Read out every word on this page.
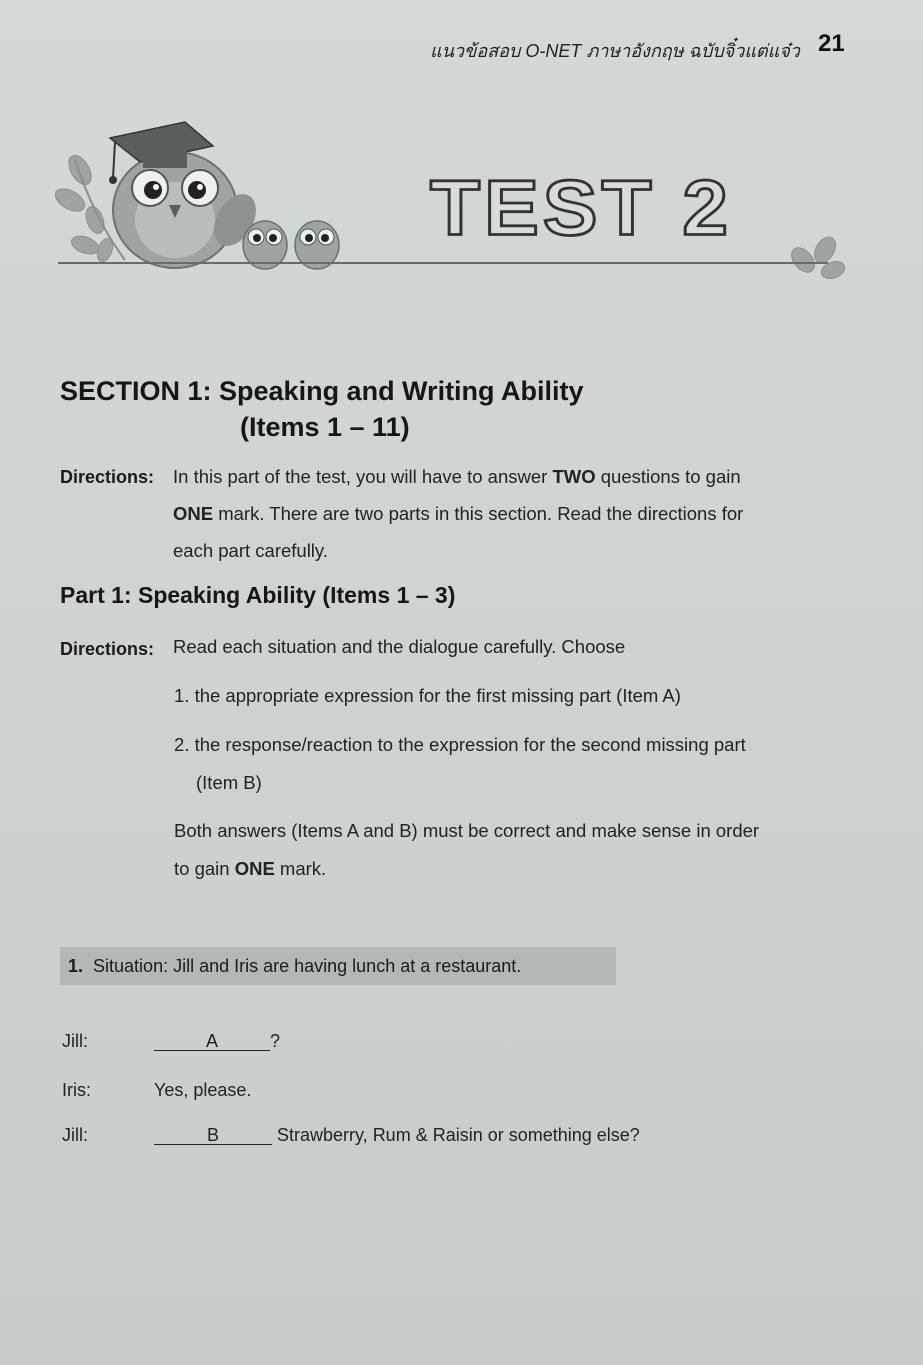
แนวข้อสอบ O-NET ภาษาอังกฤษ ฉบับจิ๋วแต่แจ๋ว 21
TEST 2
SECTION 1: Speaking and Writing Ability
(Items 1 – 11)
Directions: In this part of the test, you will have to answer TWO questions to gain
ONE mark. There are two parts in this section. Read the directions for
each part carefully.
Part 1: Speaking Ability (Items 1 – 3)
Directions: Read each situation and the dialogue carefully. Choose
1. the appropriate expression for the first missing part (Item A)
2. the response/reaction to the expression for the second missing part
(Item B)
Both answers (Items A and B) must be correct and make sense in order
to gain ONE mark.
1. Situation: Jill and Iris are having lunch at a restaurant.
Jill:	A	?
Iris:	Yes, please.
Jill:	B	Strawberry, Rum & Raisin or something else?
